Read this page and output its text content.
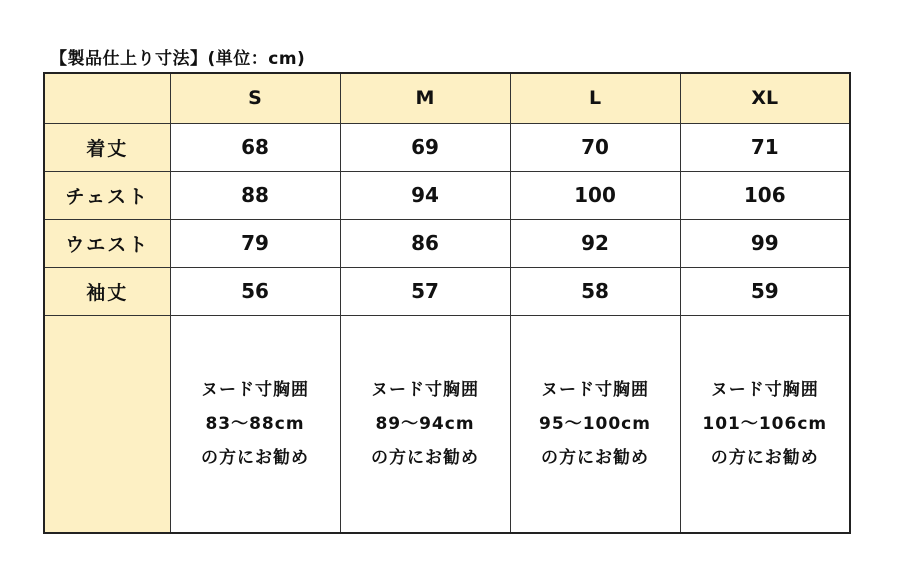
【製品仕上り寸法】(単位：cm)
	S	M	L	XL
着丈	68	69	70	71
チェスト	88	94	100	106
ウエスト	79	86	92	99
袖丈	56	57	58	59

	ヌード寸胸囲
83～88cm
の方にお勧め	ヌード寸胸囲
89～94cm
の方にお勧め	ヌード寸胸囲
95～100cm
の方にお勧め	ヌード寸胸囲
101～106cm
の方にお勧め
